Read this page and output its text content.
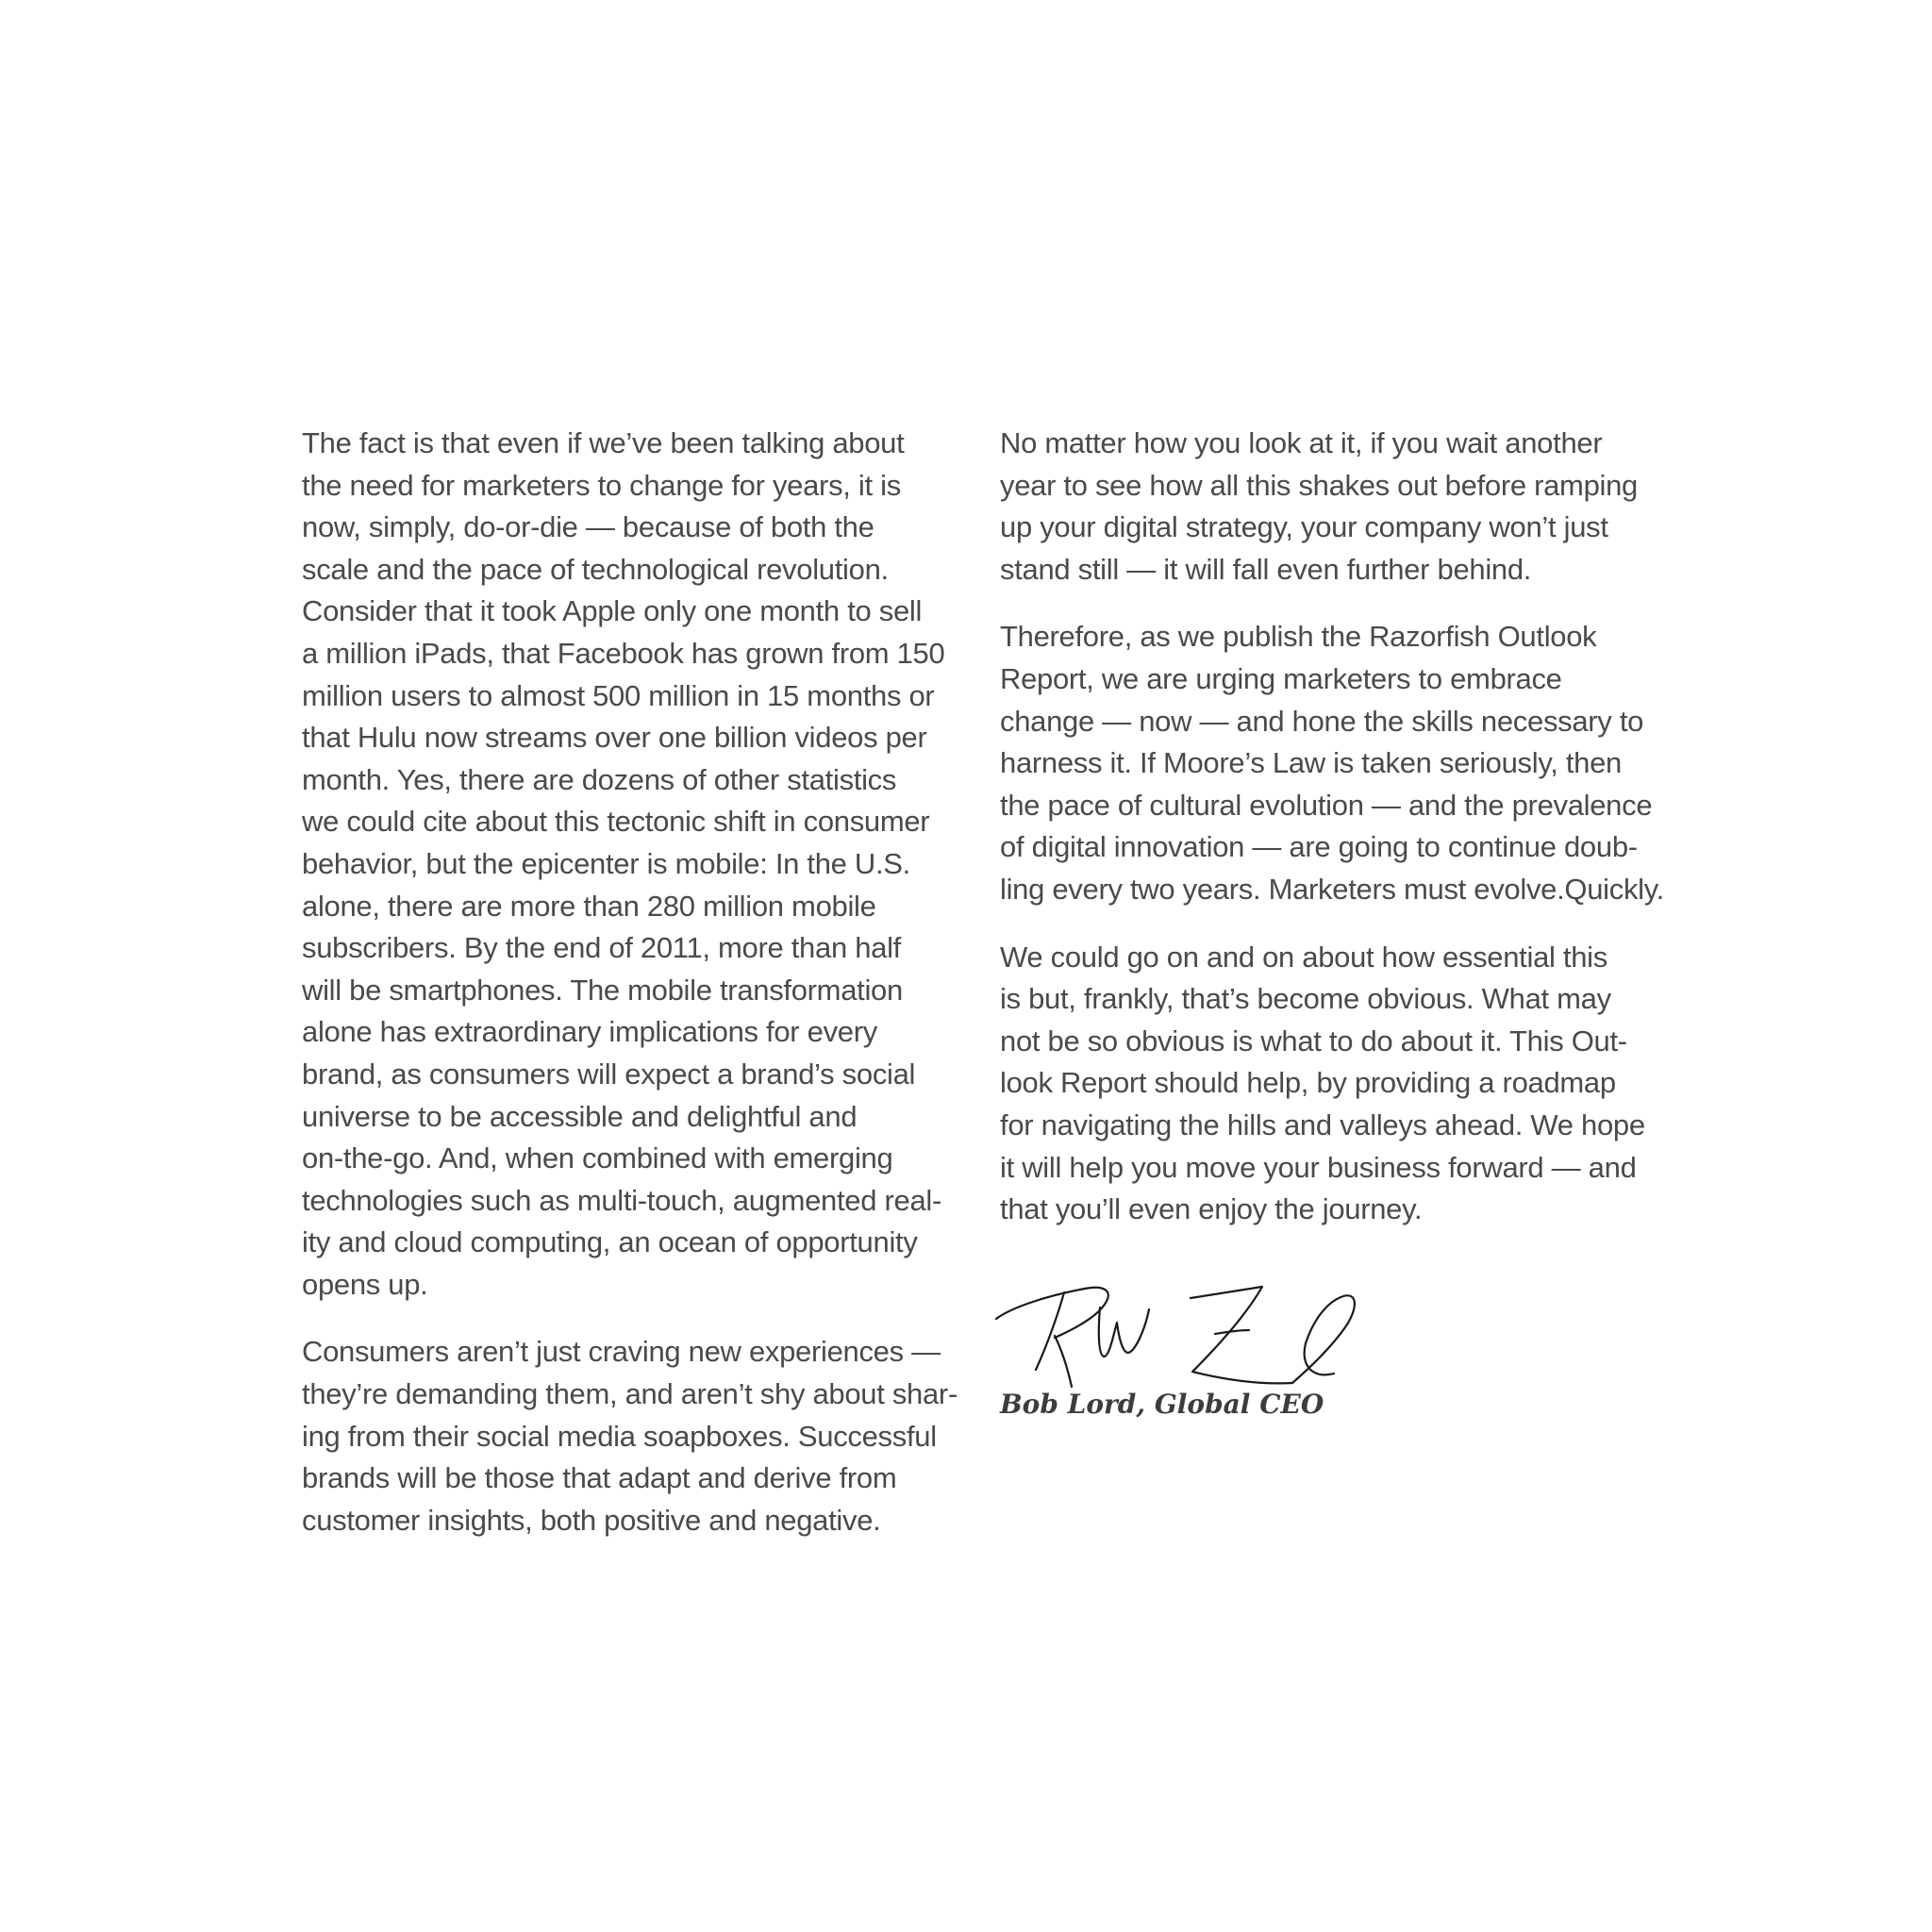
The fact is that even if we’ve been talking about
the need for marketers to change for years, it is
now, simply, do-or-die — because of both the
scale and the pace of technological revolution.
Consider that it took Apple only one month to sell
a million iPads, that Facebook has grown from 150
million users to almost 500 million in 15 months or
that Hulu now streams over one billion videos per
month. Yes, there are dozens of other statistics
we could cite about this tectonic shift in consumer
behavior, but the epicenter is mobile: In the U.S.
alone, there are more than 280 million mobile
subscribers. By the end of 2011, more than half
will be smartphones. The mobile transformation
alone has extraordinary implications for every
brand, as consumers will expect a brand’s social
universe to be accessible and delightful and
on-the-go. And, when combined with emerging
technologies such as multi-touch, augmented real-
ity and cloud computing, an ocean of opportunity
opens up.
Consumers aren’t just craving new experiences —
they’re demanding them, and aren’t shy about shar-
ing from their social media soapboxes. Successful
brands will be those that adapt and derive from
customer insights, both positive and negative.
No matter how you look at it, if you wait another
year to see how all this shakes out before ramping
up your digital strategy, your company won’t just
stand still — it will fall even further behind.
Therefore, as we publish the Razorfish Outlook
Report, we are urging marketers to embrace
change — now — and hone the skills necessary to
harness it. If Moore’s Law is taken seriously, then
the pace of cultural evolution — and the prevalence
of digital innovation — are going to continue doub-
ling every two years. Marketers must evolve.Quickly.
We could go on and on about how essential this
is but, frankly, that’s become obvious. What may
not be so obvious is what to do about it. This Out-
look Report should help, by providing a roadmap
for navigating the hills and valleys ahead. We hope
it will help you move your business forward — and
that you’ll even enjoy the journey.
Bob Lord, Global CEO
